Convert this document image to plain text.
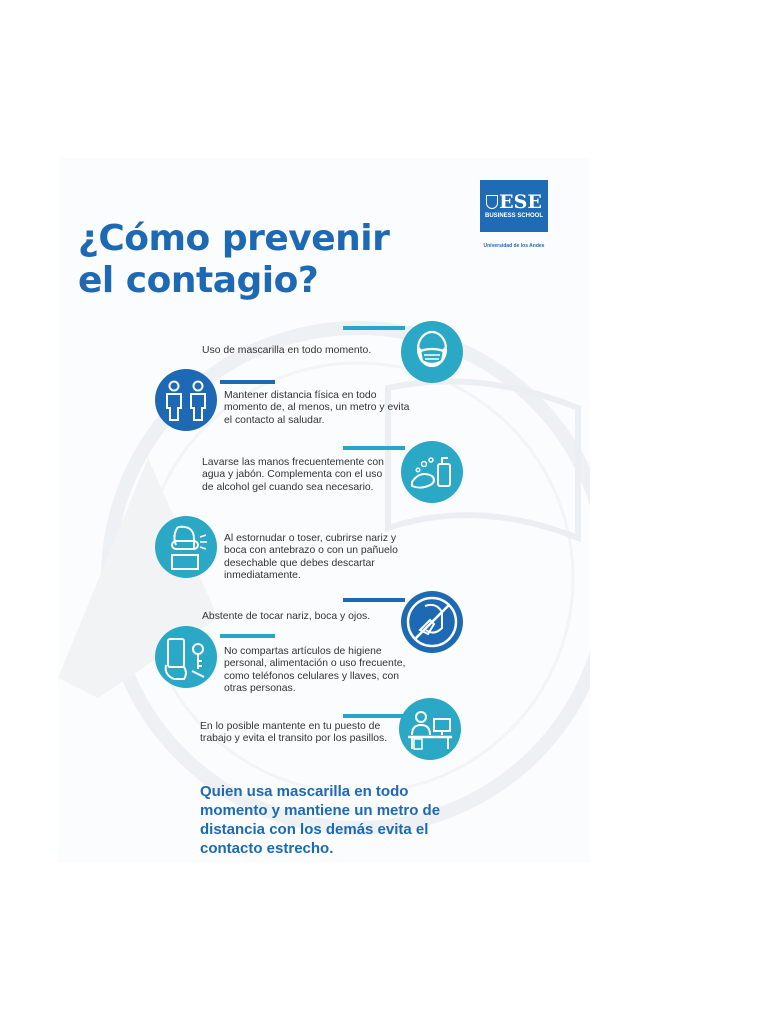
¿Cómo prevenir
el contagio?
ESE
BUSINESS SCHOOL
Universidad de los Andes

Uso de mascarilla en todo momento.

Mantener distancia física en todo momento de, al menos, un metro y evita el contacto al saludar.

Lavarse las manos frecuentemente con agua y jabón. Complementa con el uso de alcohol gel cuando sea necesario.

Al estornudar o toser, cubrirse nariz y boca con antebrazo o con un pañuelo desechable que debes descartar inmediatamente.

Abstente de tocar nariz, boca y ojos.

No compartas artículos de higiene personal, alimentación o uso frecuente, como teléfonos celulares y llaves, con otras personas.

En lo posible mantente en tu puesto de trabajo y evita el transito por los pasillos.

Quien usa mascarilla en todo momento y mantiene un metro de distancia con los demás evita el contacto estrecho.
